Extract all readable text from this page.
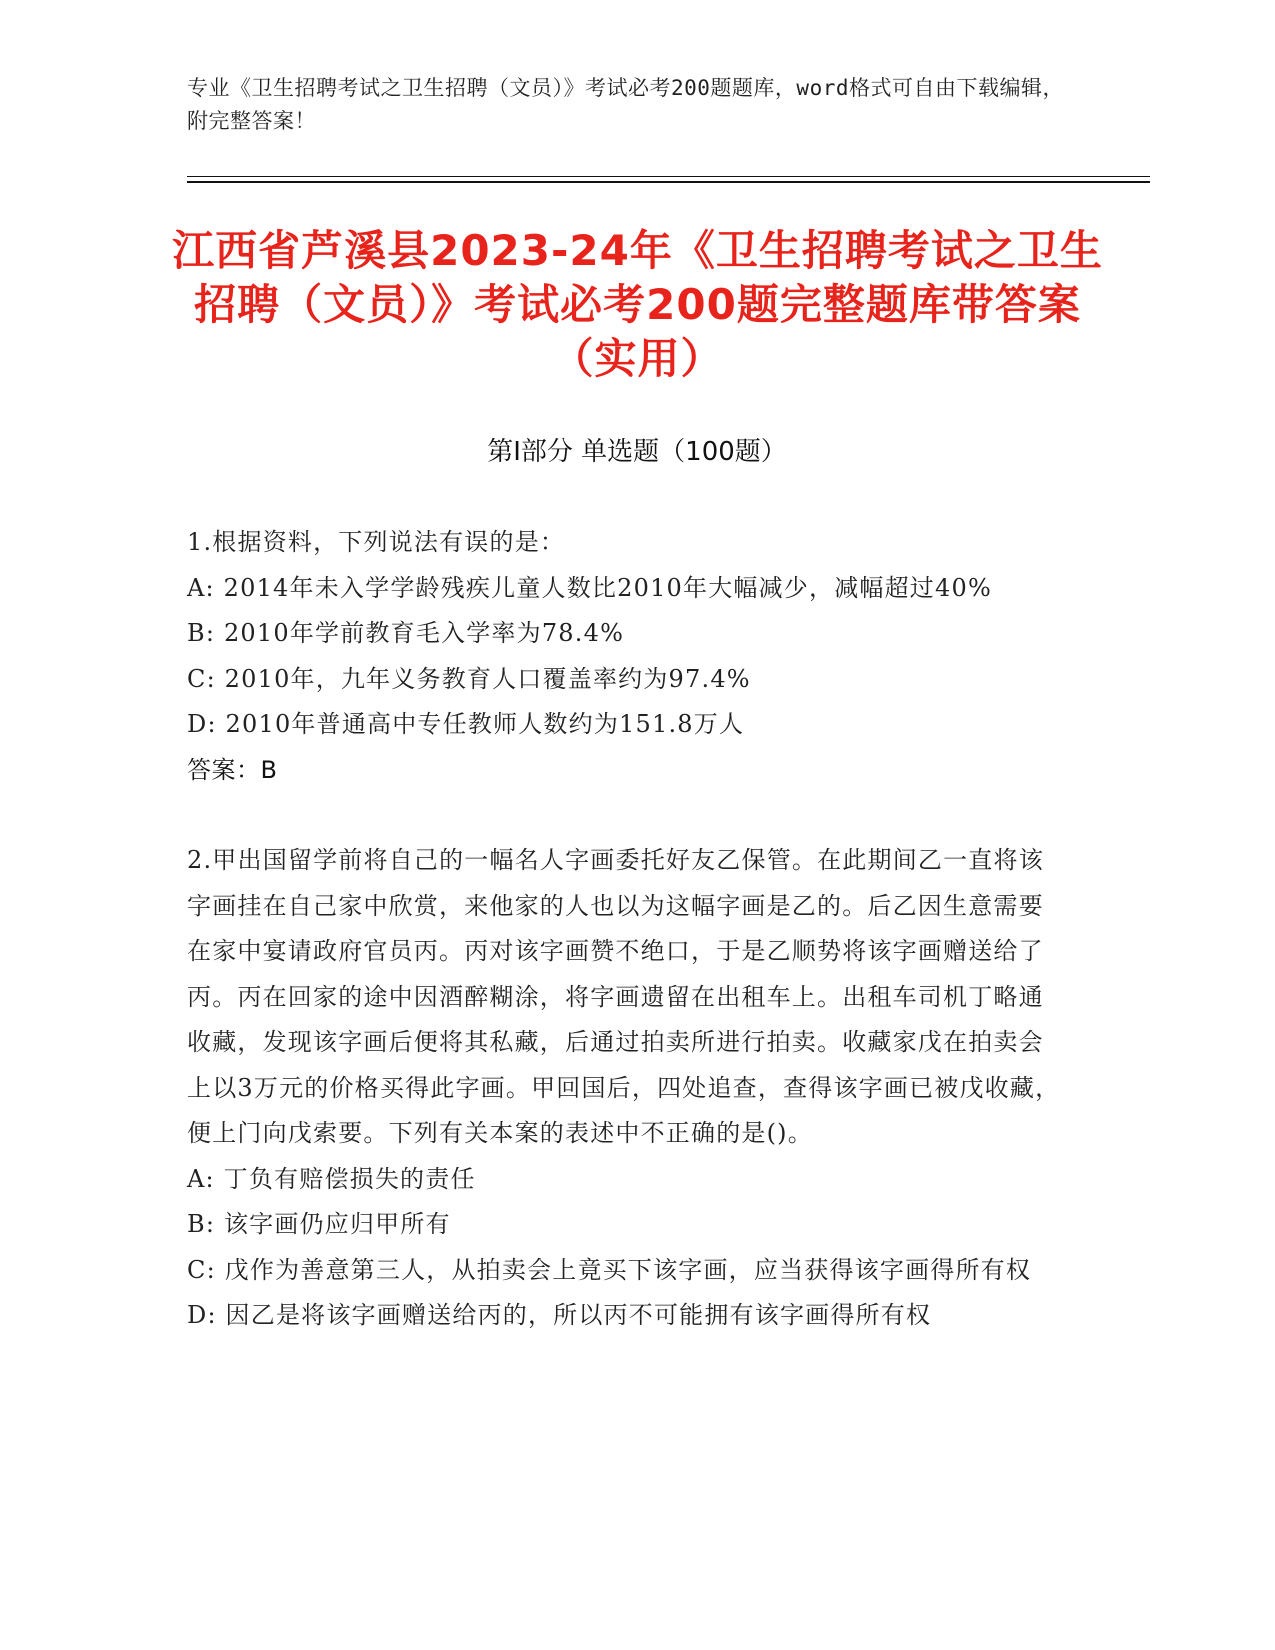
专业《卫生招聘考试之卫生招聘（文员）》考试必考200题题库，word格式可自由下载编辑，附完整答案！
江西省芦溪县2023-24年《卫生招聘考试之卫生招聘（文员）》考试必考200题完整题库带答案（实用）
第Ⅰ部分 单选题（100题）

1.根据资料，下列说法有误的是：

A: 2014年未入学学龄残疾儿童人数比2010年大幅减少，减幅超过40%

B: 2010年学前教育毛入学率为78.4%

C: 2010年，九年义务教育人口覆盖率约为97.4%

D: 2010年普通高中专任教师人数约为151.8万人

答案：B

2.甲出国留学前将自己的一幅名人字画委托好友乙保管。在此期间乙一直将该字画挂在自己家中欣赏，来他家的人也以为这幅字画是乙的。后乙因生意需要在家中宴请政府官员丙。丙对该字画赞不绝口，于是乙顺势将该字画赠送给了丙。丙在回家的途中因酒醉糊涂，将字画遗留在出租车上。出租车司机丁略通收藏，发现该字画后便将其私藏，后通过拍卖所进行拍卖。收藏家戊在拍卖会上以3万元的价格买得此字画。甲回国后，四处追查，查得该字画已被戊收藏，便上门向戊索要。下列有关本案的表述中不正确的是()。

A: 丁负有赔偿损失的责任

B: 该字画仍应归甲所有

C: 戊作为善意第三人，从拍卖会上竟买下该字画，应当获得该字画得所有权

D: 因乙是将该字画赠送给丙的，所以丙不可能拥有该字画得所有权
